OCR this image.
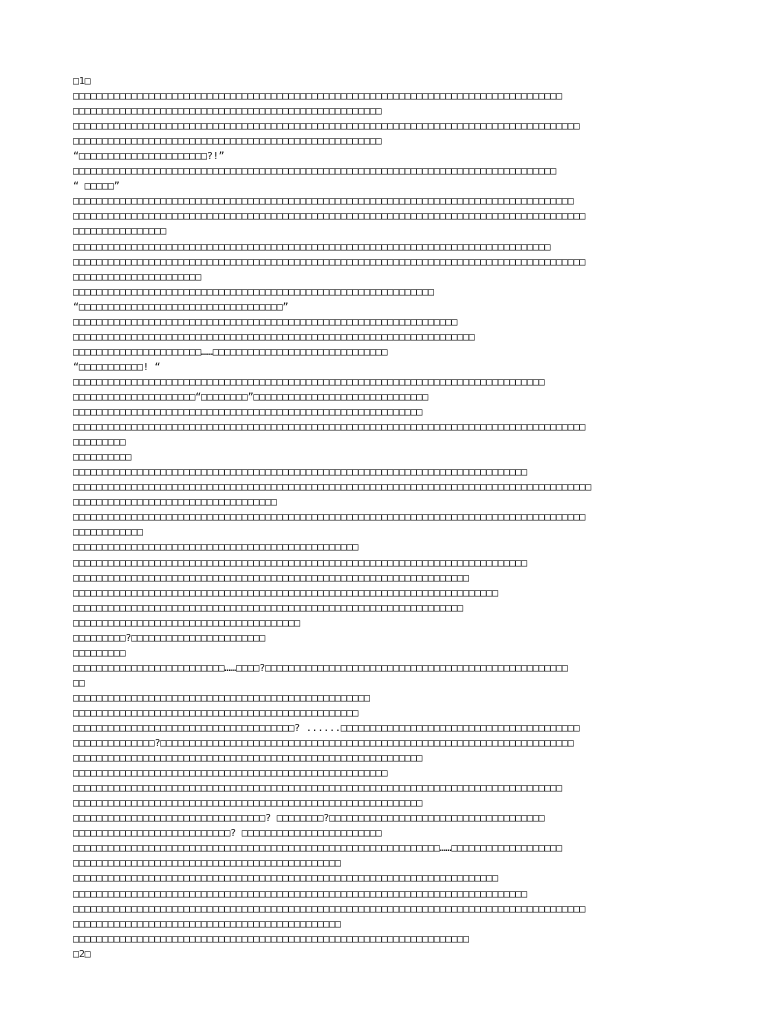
□1□
□□□□□□□□□□□□□□□□□□□□□□□□□□□□□□□□□□□□□□□□□□□□□□□□□□□□□□□□□□□□□□□□□□□□□□□□□□□□□□□□□□□□
□□□□□□□□□□□□□□□□□□□□□□□□□□□□□□□□□□□□□□□□□□□□□□□□□□□□□
□□□□□□□□□□□□□□□□□□□□□□□□□□□□□□□□□□□□□□□□□□□□□□□□□□□□□□□□□□□□□□□□□□□□□□□□□□□□□□□□□□□□□□□
□□□□□□□□□□□□□□□□□□□□□□□□□□□□□□□□□□□□□□□□□□□□□□□□□□□□□
“□□□□□□□□□□□□□□□□□□□□□□?!”
□□□□□□□□□□□□□□□□□□□□□□□□□□□□□□□□□□□□□□□□□□□□□□□□□□□□□□□□□□□□□□□□□□□□□□□□□□□□□□□□□□□
“ □□□□□”
□□□□□□□□□□□□□□□□□□□□□□□□□□□□□□□□□□□□□□□□□□□□□□□□□□□□□□□□□□□□□□□□□□□□□□□□□□□□□□□□□□□□□□
□□□□□□□□□□□□□□□□□□□□□□□□□□□□□□□□□□□□□□□□□□□□□□□□□□□□□□□□□□□□□□□□□□□□□□□□□□□□□□□□□□□□□□□□
□□□□□□□□□□□□□□□□
□□□□□□□□□□□□□□□□□□□□□□□□□□□□□□□□□□□□□□□□□□□□□□□□□□□□□□□□□□□□□□□□□□□□□□□□□□□□□□□□□□
□□□□□□□□□□□□□□□□□□□□□□□□□□□□□□□□□□□□□□□□□□□□□□□□□□□□□□□□□□□□□□□□□□□□□□□□□□□□□□□□□□□□□□□□
□□□□□□□□□□□□□□□□□□□□□□
□□□□□□□□□□□□□□□□□□□□□□□□□□□□□□□□□□□□□□□□□□□□□□□□□□□□□□□□□□□□□□
“□□□□□□□□□□□□□□□□□□□□□□□□□□□□□□□□□□□”
□□□□□□□□□□□□□□□□□□□□□□□□□□□□□□□□□□□□□□□□□□□□□□□□□□□□□□□□□□□□□□□□□□
□□□□□□□□□□□□□□□□□□□□□□□□□□□□□□□□□□□□□□□□□□□□□□□□□□□□□□□□□□□□□□□□□□□□□
□□□□□□□□□□□□□□□□□□□□□□……□□□□□□□□□□□□□□□□□□□□□□□□□□□□□□
“□□□□□□□□□□□! “
□□□□□□□□□□□□□□□□□□□□□□□□□□□□□□□□□□□□□□□□□□□□□□□□□□□□□□□□□□□□□□□□□□□□□□□□□□□□□□□□□
□□□□□□□□□□□□□□□□□□□□□“□□□□□□□□”□□□□□□□□□□□□□□□□□□□□□□□□□□□□□□
□□□□□□□□□□□□□□□□□□□□□□□□□□□□□□□□□□□□□□□□□□□□□□□□□□□□□□□□□□□□
□□□□□□□□□□□□□□□□□□□□□□□□□□□□□□□□□□□□□□□□□□□□□□□□□□□□□□□□□□□□□□□□□□□□□□□□□□□□□□□□□□□□□□□□
□□□□□□□□□
□□□□□□□□□□
□□□□□□□□□□□□□□□□□□□□□□□□□□□□□□□□□□□□□□□□□□□□□□□□□□□□□□□□□□□□□□□□□□□□□□□□□□□□□□
□□□□□□□□□□□□□□□□□□□□□□□□□□□□□□□□□□□□□□□□□□□□□□□□□□□□□□□□□□□□□□□□□□□□□□□□□□□□□□□□□□□□□□□□□
□□□□□□□□□□□□□□□□□□□□□□□□□□□□□□□□□□□
□□□□□□□□□□□□□□□□□□□□□□□□□□□□□□□□□□□□□□□□□□□□□□□□□□□□□□□□□□□□□□□□□□□□□□□□□□□□□□□□□□□□□□□□
□□□□□□□□□□□□
□□□□□□□□□□□□□□□□□□□□□□□□□□□□□□□□□□□□□□□□□□□□□□□□□
□□□□□□□□□□□□□□□□□□□□□□□□□□□□□□□□□□□□□□□□□□□□□□□□□□□□□□□□□□□□□□□□□□□□□□□□□□□□□□
□□□□□□□□□□□□□□□□□□□□□□□□□□□□□□□□□□□□□□□□□□□□□□□□□□□□□□□□□□□□□□□□□□□□
□□□□□□□□□□□□□□□□□□□□□□□□□□□□□□□□□□□□□□□□□□□□□□□□□□□□□□□□□□□□□□□□□□□□□□□□□
□□□□□□□□□□□□□□□□□□□□□□□□□□□□□□□□□□□□□□□□□□□□□□□□□□□□□□□□□□□□□□□□□□□
□□□□□□□□□□□□□□□□□□□□□□□□□□□□□□□□□□□□□□□
□□□□□□□□□?□□□□□□□□□□□□□□□□□□□□□□□
□□□□□□□□□
□□□□□□□□□□□□□□□□□□□□□□□□□□……□□□□?□□□□□□□□□□□□□□□□□□□□□□□□□□□□□□□□□□□□□□□□□□□□□□□□□□□□
□□
□□□□□□□□□□□□□□□□□□□□□□□□□□□□□□□□□□□□□□□□□□□□□□□□□□□
□□□□□□□□□□□□□□□□□□□□□□□□□□□□□□□□□□□□□□□□□□□□□□□□□
□□□□□□□□□□□□□□□□□□□□□□□□□□□□□□□□□□□□□□? ......□□□□□□□□□□□□□□□□□□□□□□□□□□□□□□□□□□□□□□□□□
□□□□□□□□□□□□□□?□□□□□□□□□□□□□□□□□□□□□□□□□□□□□□□□□□□□□□□□□□□□□□□□□□□□□□□□□□□□□□□□□□□□□□□
□□□□□□□□□□□□□□□□□□□□□□□□□□□□□□□□□□□□□□□□□□□□□□□□□□□□□□□□□□□□
□□□□□□□□□□□□□□□□□□□□□□□□□□□□□□□□□□□□□□□□□□□□□□□□□□□□□□
□□□□□□□□□□□□□□□□□□□□□□□□□□□□□□□□□□□□□□□□□□□□□□□□□□□□□□□□□□□□□□□□□□□□□□□□□□□□□□□□□□□□
□□□□□□□□□□□□□□□□□□□□□□□□□□□□□□□□□□□□□□□□□□□□□□□□□□□□□□□□□□□□
□□□□□□□□□□□□□□□□□□□□□□□□□□□□□□□□□? □□□□□□□□?□□□□□□□□□□□□□□□□□□□□□□□□□□□□□□□□□□□□□
□□□□□□□□□□□□□□□□□□□□□□□□□□□? □□□□□□□□□□□□□□□□□□□□□□□□
□□□□□□□□□□□□□□□□□□□□□□□□□□□□□□□□□□□□□□□□□□□□□□□□□□□□□□□□□□□□□□□……□□□□□□□□□□□□□□□□□□□
□□□□□□□□□□□□□□□□□□□□□□□□□□□□□□□□□□□□□□□□□□□□□□
□□□□□□□□□□□□□□□□□□□□□□□□□□□□□□□□□□□□□□□□□□□□□□□□□□□□□□□□□□□□□□□□□□□□□□□□□
□□□□□□□□□□□□□□□□□□□□□□□□□□□□□□□□□□□□□□□□□□□□□□□□□□□□□□□□□□□□□□□□□□□□□□□□□□□□□□
□□□□□□□□□□□□□□□□□□□□□□□□□□□□□□□□□□□□□□□□□□□□□□□□□□□□□□□□□□□□□□□□□□□□□□□□□□□□□□□□□□□□□□□□
□□□□□□□□□□□□□□□□□□□□□□□□□□□□□□□□□□□□□□□□□□□□□□
□□□□□□□□□□□□□□□□□□□□□□□□□□□□□□□□□□□□□□□□□□□□□□□□□□□□□□□□□□□□□□□□□□□□
□2□
